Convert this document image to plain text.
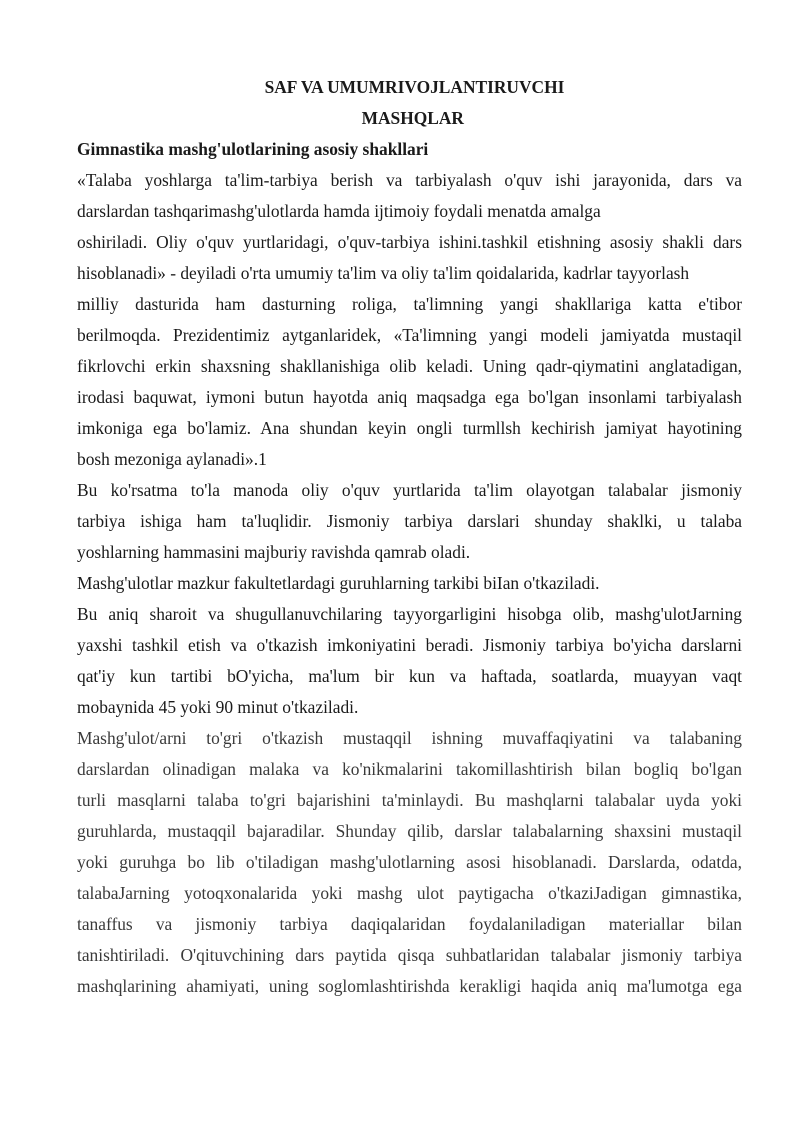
SAF VA UMUMRIVOJLANTIRUVCHI

MASHQLAR

Gimnastika mashg'ulotlarining asosiy shakllari

«Talaba yoshlarga ta'lim-tarbiya berish va tarbiyalash o'quv ishi jarayonida, dars va
darslardan tashqarimashg'ulotlarda hamda ijtimoiy foydali menatda amalga
oshiriladi. Oliy o'quv yurtlaridagi, o'quv-tarbiya ishini.tashkil etishning asosiy shakli dars
hisoblanadi» - deyiladi o'rta umumiy ta'lim va oliy ta'lim qoidalarida, kadrlar tayyorlash
milliy dasturida ham dasturning roliga, ta'limning yangi shakllariga katta e'tibor
berilmoqda. Prezidentimiz aytganlaridek, «Ta'limning yangi modeli jamiyatda mustaqil
fikrlovchi erkin shaxsning shakllanishiga olib keladi. Uning qadr-qiymatini anglatadigan,
irodasi baquwat, iymoni butun hayotda aniq maqsadga ega bo'lgan insonlami tarbiyalash
imkoniga ega bo'lamiz. Ana shundan keyin ongli turmllsh kechirish jamiyat hayotining
bosh mezoniga aylanadi».1
Bu ko'rsatma to'la manoda oliy o'quv yurtlarida ta'lim olayotgan talabalar jismoniy
tarbiya ishiga ham ta'luqlidir. Jismoniy tarbiya darslari shunday shaklki, u talaba
yoshlarning hammasini majburiy ravishda qamrab oladi.
Mashg'ulotlar mazkur fakultetlardagi guruhlarning tarkibi biIan o'tkaziladi.
Bu aniq sharoit va shugullanuvchilaring tayyorgarligini hisobga olib, mashg'ulotJarning
yaxshi tashkil etish va o'tkazish imkoniyatini beradi. Jismoniy tarbiya bo'yicha darslarni
qat'iy kun tartibi bO'yicha, ma'lum bir kun va haftada, soatlarda, muayyan vaqt
mobaynida 45 yoki 90 minut o'tkaziladi.
Mashg'ulot/arni to'gri o'tkazish mustaqqil ishning muvaffaqiyatini va talabaning
darslardan olinadigan malaka va ko'nikmalarini takomillashtirish bilan bogliq bo'lgan
turli masqlarni talaba to'gri bajarishini ta'minlaydi. Bu mashqlarni talabalar uyda yoki
guruhlarda, mustaqqil bajaradilar. Shunday qilib, darslar talabalarning shaxsini mustaqil
yoki guruhga bo lib o'tiladigan mashg'ulotlarning asosi hisoblanadi. Darslarda, odatda,
talabaJarning yotoqxonalarida yoki mashg ulot paytigacha o'tkaziJadigan gimnastika,
tanaffus va jismoniy tarbiya daqiqalaridan foydalaniladigan materiallar bilan
tanishtiriladi. O'qituvchining dars paytida qisqa suhbatlaridan talabalar jismoniy tarbiya
mashqlarining ahamiyati, uning soglomlashtirishda kerakligi haqida aniq ma'lumotga ega
